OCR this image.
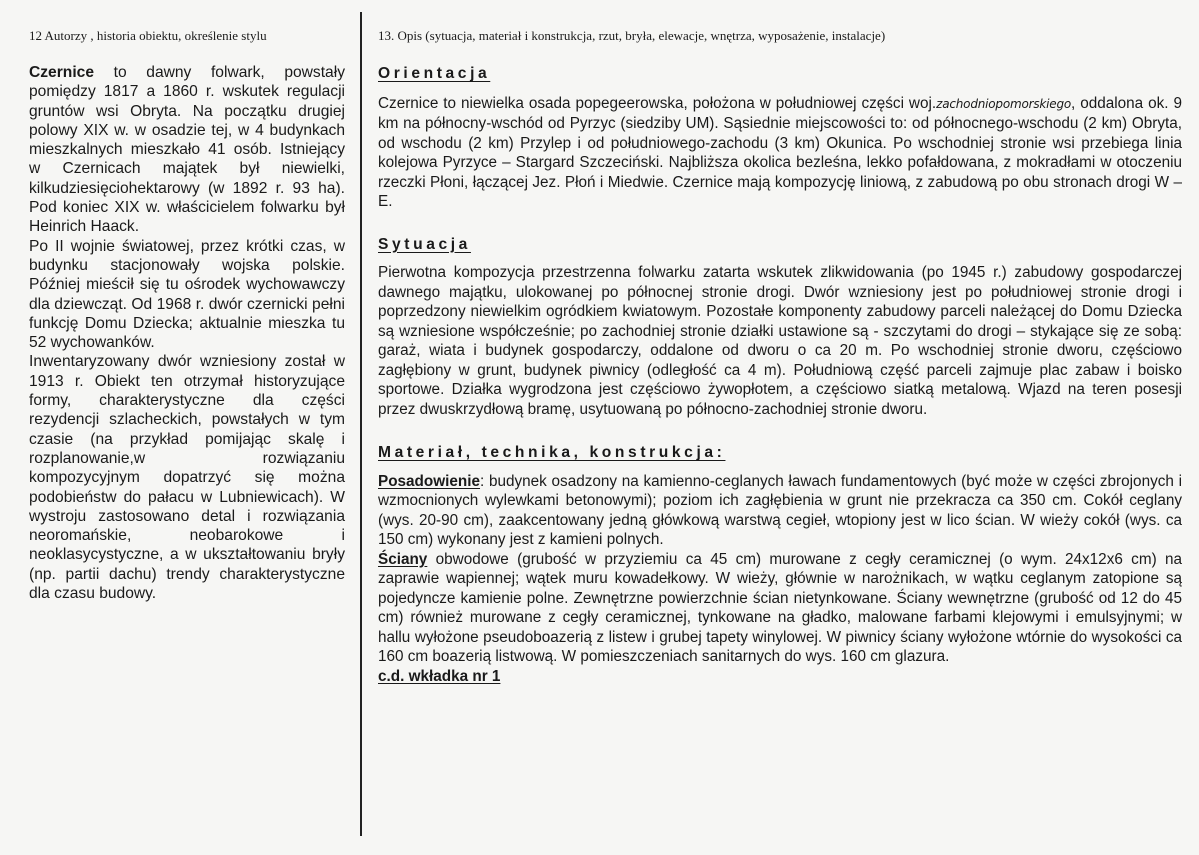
12 Autorzy , historia obiektu, określenie stylu

Czernice to dawny folwark, powstały pomiędzy 1817 a 1860 r. wskutek regulacji gruntów wsi Obryta. Na początku drugiej polowy XIX w. w osadzie tej, w 4 budynkach mieszkalnych mieszkało 41 osób. Istniejący w Czernicach majątek był niewielki, kilkudziesięciohektarowy (w 1892 r. 93 ha). Pod koniec XIX w. właścicielem folwarku był Heinrich Haack.

Po II wojnie światowej, przez krótki czas, w budynku stacjonowały wojska polskie. Później mieścił się tu ośrodek wychowawczy dla dziewcząt. Od 1968 r. dwór czernicki pełni funkcję Domu Dziecka; aktualnie mieszka tu 52 wychowanków.

Inwentaryzowany dwór wzniesiony został w 1913 r. Obiekt ten otrzymał historyzujące formy, charakterystyczne dla części rezydencji szlacheckich, powstałych w tym czasie (na przykład pomijając skalę i rozplanowanie,w rozwiązaniu kompozycyjnym dopatrzyć się można podobieństw do pałacu w Lubniewicach). W wystroju zastosowano detal i rozwiązania neoromańskie, neobarokowe i neoklasycystyczne, a w ukształtowaniu bryły (np. partii dachu) trendy charakterystyczne dla czasu budowy.

13. Opis (sytuacja, materiał i konstrukcja, rzut, bryła, elewacje, wnętrza, wyposażenie, instalacje)

Orientacja

Czernice to niewielka osada popegeerowska, położona w południowej części woj.zachodniopomorskiego, oddalona ok. 9 km na północny-wschód od Pyrzyc (siedziby UM). Sąsiednie miejscowości to: od północnego-wschodu (2 km) Obryta, od wschodu (2 km) Przylep i od południowego-zachodu (3 km) Okunica. Po wschodniej stronie wsi przebiega linia kolejowa Pyrzyce – Stargard Szczeciński. Najbliższa okolica bezleśna, lekko pofałdowana, z mokradłami w otoczeniu rzeczki Płoni, łączącej Jez. Płoń i Miedwie. Czernice mają kompozycję liniową, z zabudową po obu stronach drogi W – E.

Sytuacja

Pierwotna kompozycja przestrzenna folwarku zatarta wskutek zlikwidowania (po 1945 r.) zabudowy gospodarczej dawnego majątku, ulokowanej po północnej stronie drogi. Dwór wzniesiony jest po południowej stronie drogi i poprzedzony niewielkim ogródkiem kwiatowym. Pozostałe komponenty zabudowy parceli należącej do Domu Dziecka są wzniesione współcześnie; po zachodniej stronie działki ustawione są - szczytami do drogi – stykające się ze sobą: garaż, wiata i budynek gospodarczy, oddalone od dworu o ca 20 m. Po wschodniej stronie dworu, częściowo zagłębiony w grunt, budynek piwnicy (odległość ca 4 m). Południową część parceli zajmuje plac zabaw i boisko sportowe. Działka wygrodzona jest częściowo żywopłotem, a częściowo siatką metalową. Wjazd na teren posesji przez dwuskrzydłową bramę, usytuowaną po północno-zachodniej stronie dworu.

Materiał, technika, konstrukcja:

Posadowienie: budynek osadzony na kamienno-ceglanych ławach fundamentowych (być może w części zbrojonych i wzmocnionych wylewkami betonowymi); poziom ich zagłębienia w grunt nie przekracza ca 350 cm. Cokół ceglany (wys. 20-90 cm), zaakcentowany jedną główkową warstwą cegieł, wtopiony jest w lico ścian. W wieży cokół (wys. ca 150 cm) wykonany jest z kamieni polnych.

Ściany obwodowe (grubość w przyziemiu ca 45 cm) murowane z cegły ceramicznej (o wym. 24x12x6 cm) na zaprawie wapiennej; wątek muru kowadełkowy. W wieży, głównie w narożnikach, w wątku ceglanym zatopione są pojedyncze kamienie polne. Zewnętrzne powierzchnie ścian nietynkowane. Ściany wewnętrzne (grubość od 12 do 45 cm) również murowane z cegły ceramicznej, tynkowane na gładko, malowane farbami klejowymi i emulsyjnymi; w hallu wyłożone pseudoboazerią z listew i grubej tapety winylowej. W piwnicy ściany wyłożone wtórnie do wysokości ca 160 cm boazerią listwową. W pomieszczeniach sanitarnych do wys. 160 cm glazura.

c.d. wkładka nr 1
